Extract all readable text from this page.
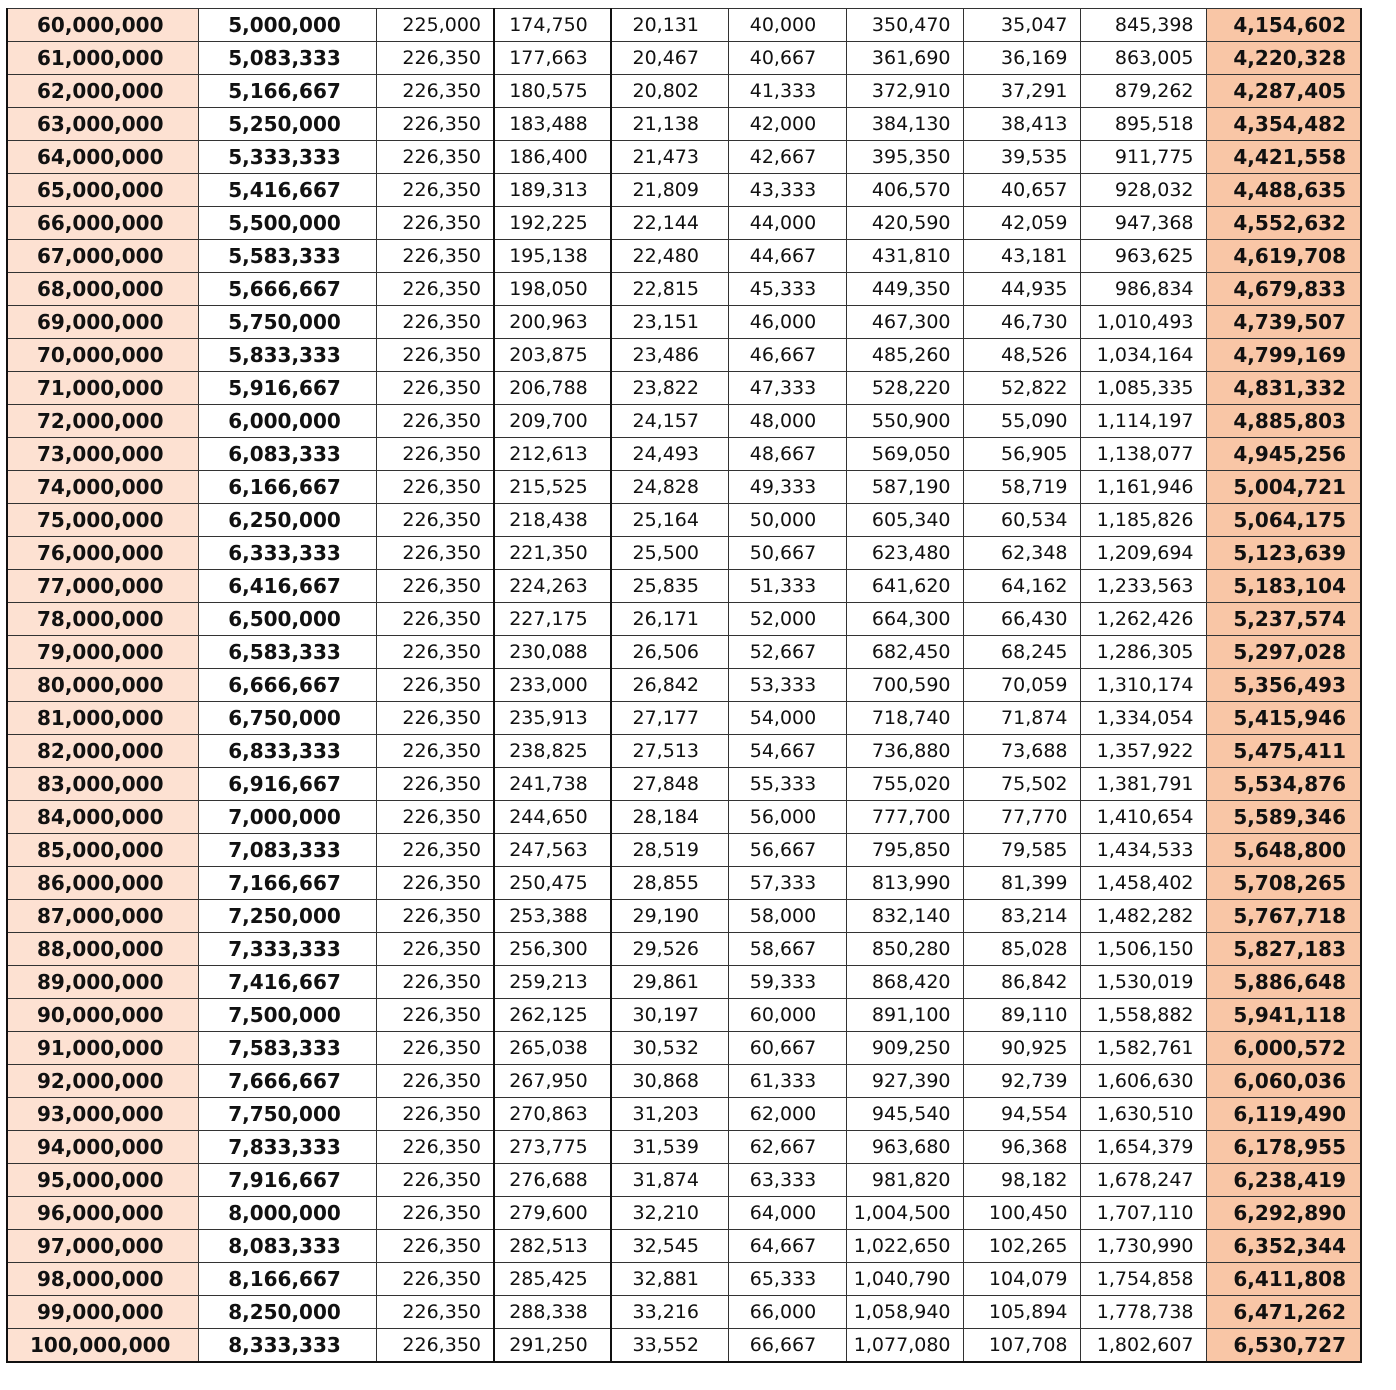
60,000,000	5,000,000	225,000	174,750	20,131	40,000	350,470	35,047	845,398	4,154,602
61,000,000	5,083,333	226,350	177,663	20,467	40,667	361,690	36,169	863,005	4,220,328
62,000,000	5,166,667	226,350	180,575	20,802	41,333	372,910	37,291	879,262	4,287,405
63,000,000	5,250,000	226,350	183,488	21,138	42,000	384,130	38,413	895,518	4,354,482
64,000,000	5,333,333	226,350	186,400	21,473	42,667	395,350	39,535	911,775	4,421,558
65,000,000	5,416,667	226,350	189,313	21,809	43,333	406,570	40,657	928,032	4,488,635
66,000,000	5,500,000	226,350	192,225	22,144	44,000	420,590	42,059	947,368	4,552,632
67,000,000	5,583,333	226,350	195,138	22,480	44,667	431,810	43,181	963,625	4,619,708
68,000,000	5,666,667	226,350	198,050	22,815	45,333	449,350	44,935	986,834	4,679,833
69,000,000	5,750,000	226,350	200,963	23,151	46,000	467,300	46,730	1,010,493	4,739,507
70,000,000	5,833,333	226,350	203,875	23,486	46,667	485,260	48,526	1,034,164	4,799,169
71,000,000	5,916,667	226,350	206,788	23,822	47,333	528,220	52,822	1,085,335	4,831,332
72,000,000	6,000,000	226,350	209,700	24,157	48,000	550,900	55,090	1,114,197	4,885,803
73,000,000	6,083,333	226,350	212,613	24,493	48,667	569,050	56,905	1,138,077	4,945,256
74,000,000	6,166,667	226,350	215,525	24,828	49,333	587,190	58,719	1,161,946	5,004,721
75,000,000	6,250,000	226,350	218,438	25,164	50,000	605,340	60,534	1,185,826	5,064,175
76,000,000	6,333,333	226,350	221,350	25,500	50,667	623,480	62,348	1,209,694	5,123,639
77,000,000	6,416,667	226,350	224,263	25,835	51,333	641,620	64,162	1,233,563	5,183,104
78,000,000	6,500,000	226,350	227,175	26,171	52,000	664,300	66,430	1,262,426	5,237,574
79,000,000	6,583,333	226,350	230,088	26,506	52,667	682,450	68,245	1,286,305	5,297,028
80,000,000	6,666,667	226,350	233,000	26,842	53,333	700,590	70,059	1,310,174	5,356,493
81,000,000	6,750,000	226,350	235,913	27,177	54,000	718,740	71,874	1,334,054	5,415,946
82,000,000	6,833,333	226,350	238,825	27,513	54,667	736,880	73,688	1,357,922	5,475,411
83,000,000	6,916,667	226,350	241,738	27,848	55,333	755,020	75,502	1,381,791	5,534,876
84,000,000	7,000,000	226,350	244,650	28,184	56,000	777,700	77,770	1,410,654	5,589,346
85,000,000	7,083,333	226,350	247,563	28,519	56,667	795,850	79,585	1,434,533	5,648,800
86,000,000	7,166,667	226,350	250,475	28,855	57,333	813,990	81,399	1,458,402	5,708,265
87,000,000	7,250,000	226,350	253,388	29,190	58,000	832,140	83,214	1,482,282	5,767,718
88,000,000	7,333,333	226,350	256,300	29,526	58,667	850,280	85,028	1,506,150	5,827,183
89,000,000	7,416,667	226,350	259,213	29,861	59,333	868,420	86,842	1,530,019	5,886,648
90,000,000	7,500,000	226,350	262,125	30,197	60,000	891,100	89,110	1,558,882	5,941,118
91,000,000	7,583,333	226,350	265,038	30,532	60,667	909,250	90,925	1,582,761	6,000,572
92,000,000	7,666,667	226,350	267,950	30,868	61,333	927,390	92,739	1,606,630	6,060,036
93,000,000	7,750,000	226,350	270,863	31,203	62,000	945,540	94,554	1,630,510	6,119,490
94,000,000	7,833,333	226,350	273,775	31,539	62,667	963,680	96,368	1,654,379	6,178,955
95,000,000	7,916,667	226,350	276,688	31,874	63,333	981,820	98,182	1,678,247	6,238,419
96,000,000	8,000,000	226,350	279,600	32,210	64,000	1,004,500	100,450	1,707,110	6,292,890
97,000,000	8,083,333	226,350	282,513	32,545	64,667	1,022,650	102,265	1,730,990	6,352,344
98,000,000	8,166,667	226,350	285,425	32,881	65,333	1,040,790	104,079	1,754,858	6,411,808
99,000,000	8,250,000	226,350	288,338	33,216	66,000	1,058,940	105,894	1,778,738	6,471,262
100,000,000	8,333,333	226,350	291,250	33,552	66,667	1,077,080	107,708	1,802,607	6,530,727
